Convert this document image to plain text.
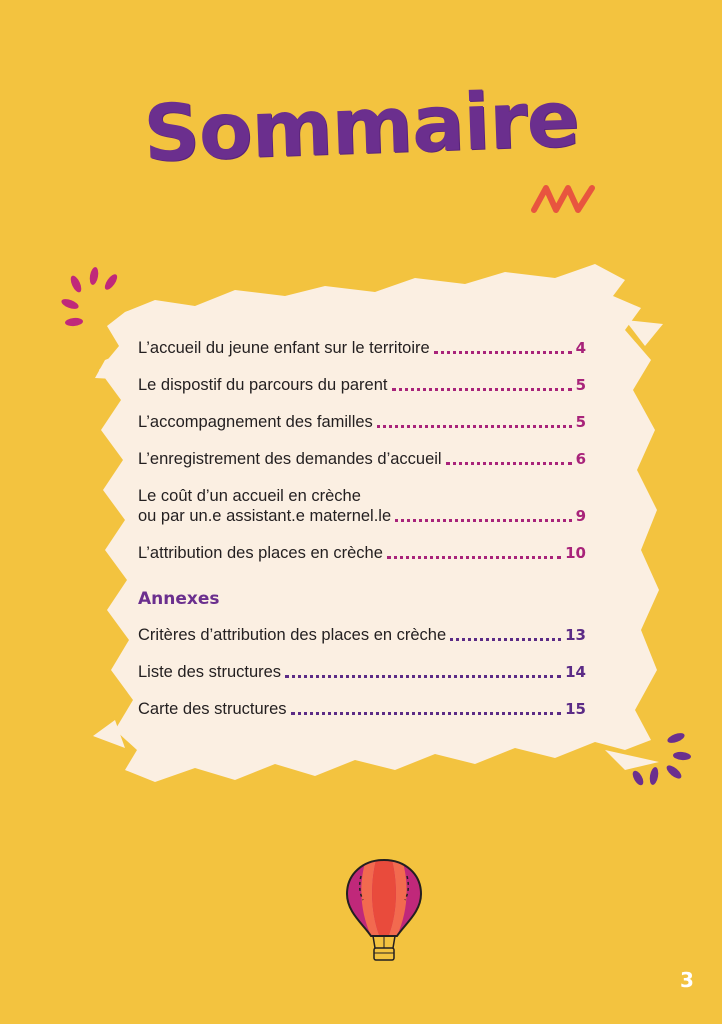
Sommaire
L’accueil du jeune enfant sur le territoire	4
Le dispostif du parcours du parent	5
L’accompagnement des familles	5
L’enregistrement des demandes d’accueil	6
Le coût d’un accueil en crèche
ou par un.e assistant.e maternel.le	9
L’attribution des places en crèche	10
Annexes
Critères d’attribution des places en crèche	13
Liste des structures	14
Carte des structures	15
3
